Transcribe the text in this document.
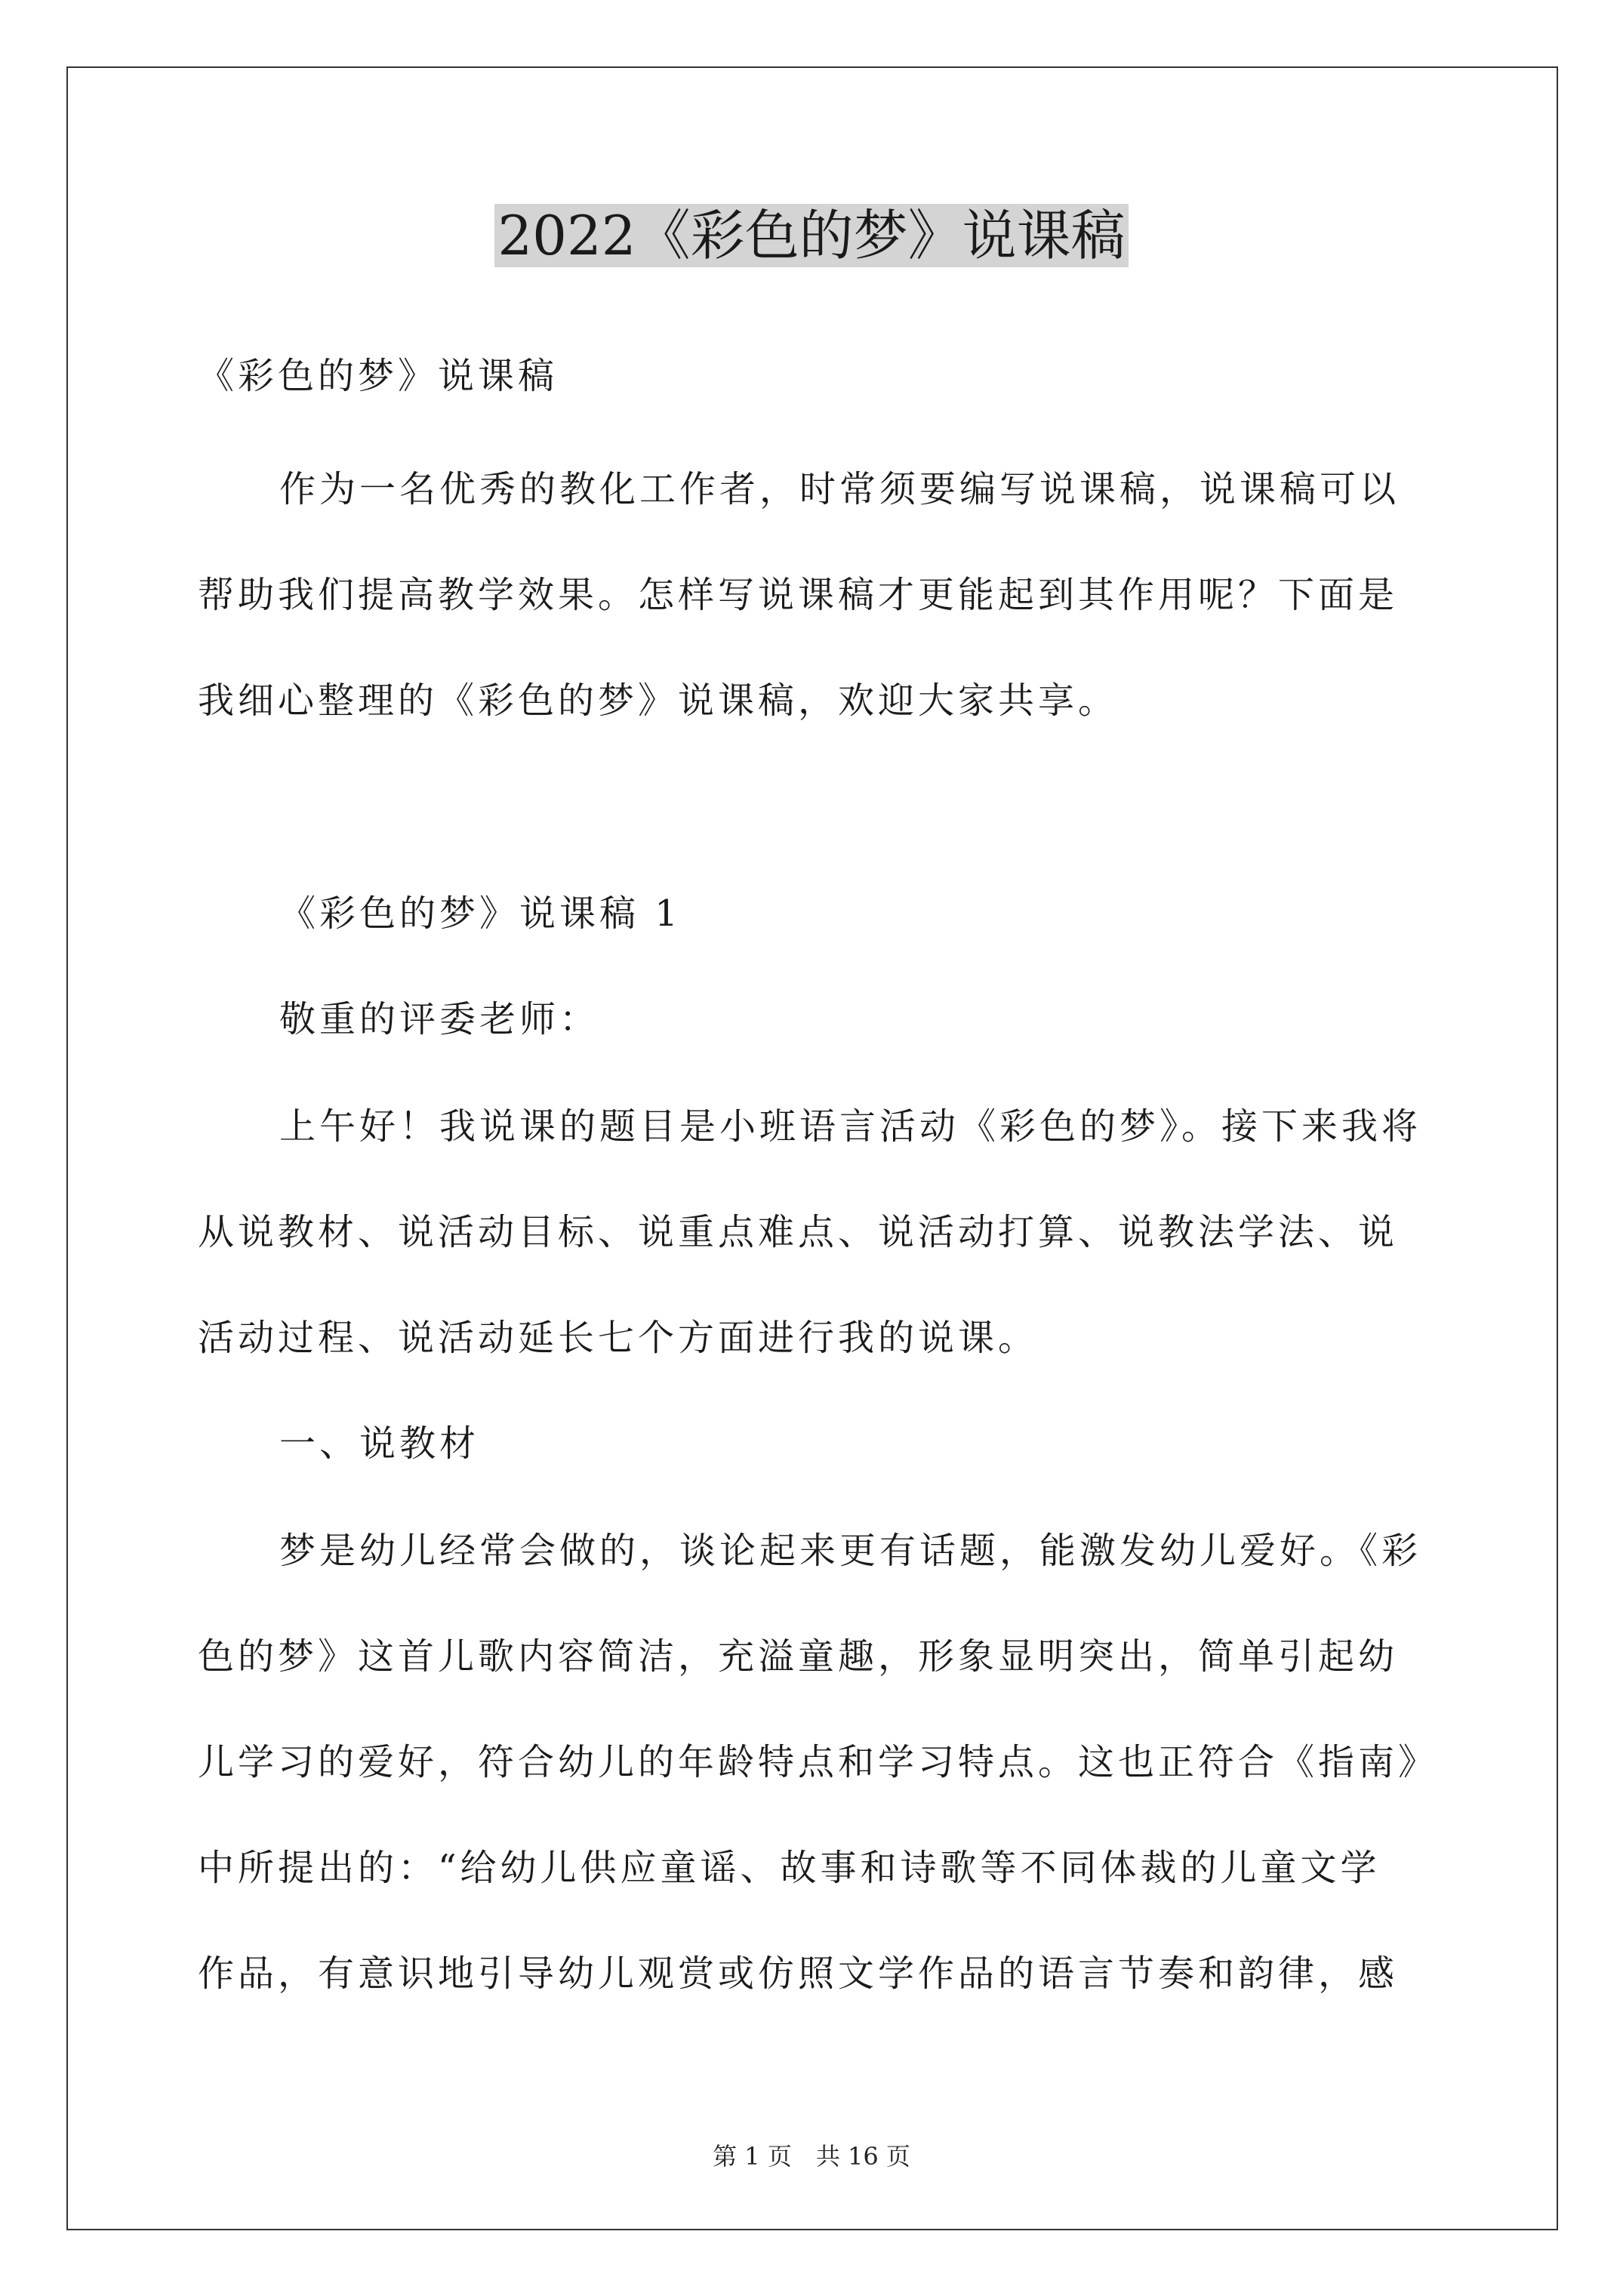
2022《彩色的梦》说课稿
《彩色的梦》说课稿
作为一名优秀的教化工作者，时常须要编写说课稿，说课稿可以
帮助我们提高教学效果。怎样写说课稿才更能起到其作用呢？下面是
我细心整理的《彩色的梦》说课稿，欢迎大家共享。
《彩色的梦》说课稿 1
敬重的评委老师：
上午好！我说课的题目是小班语言活动《彩色的梦》。接下来我将
从说教材、说活动目标、说重点难点、说活动打算、说教法学法、说
活动过程、说活动延长七个方面进行我的说课。
一、说教材
梦是幼儿经常会做的，谈论起来更有话题，能激发幼儿爱好。《彩
色的梦》这首儿歌内容简洁，充溢童趣，形象显明突出，简单引起幼
儿学习的爱好，符合幼儿的年龄特点和学习特点。这也正符合《指南》
中所提出的：“给幼儿供应童谣、故事和诗歌等不同体裁的儿童文学
作品，有意识地引导幼儿观赏或仿照文学作品的语言节奏和韵律，感
第 1 页　共 16 页
